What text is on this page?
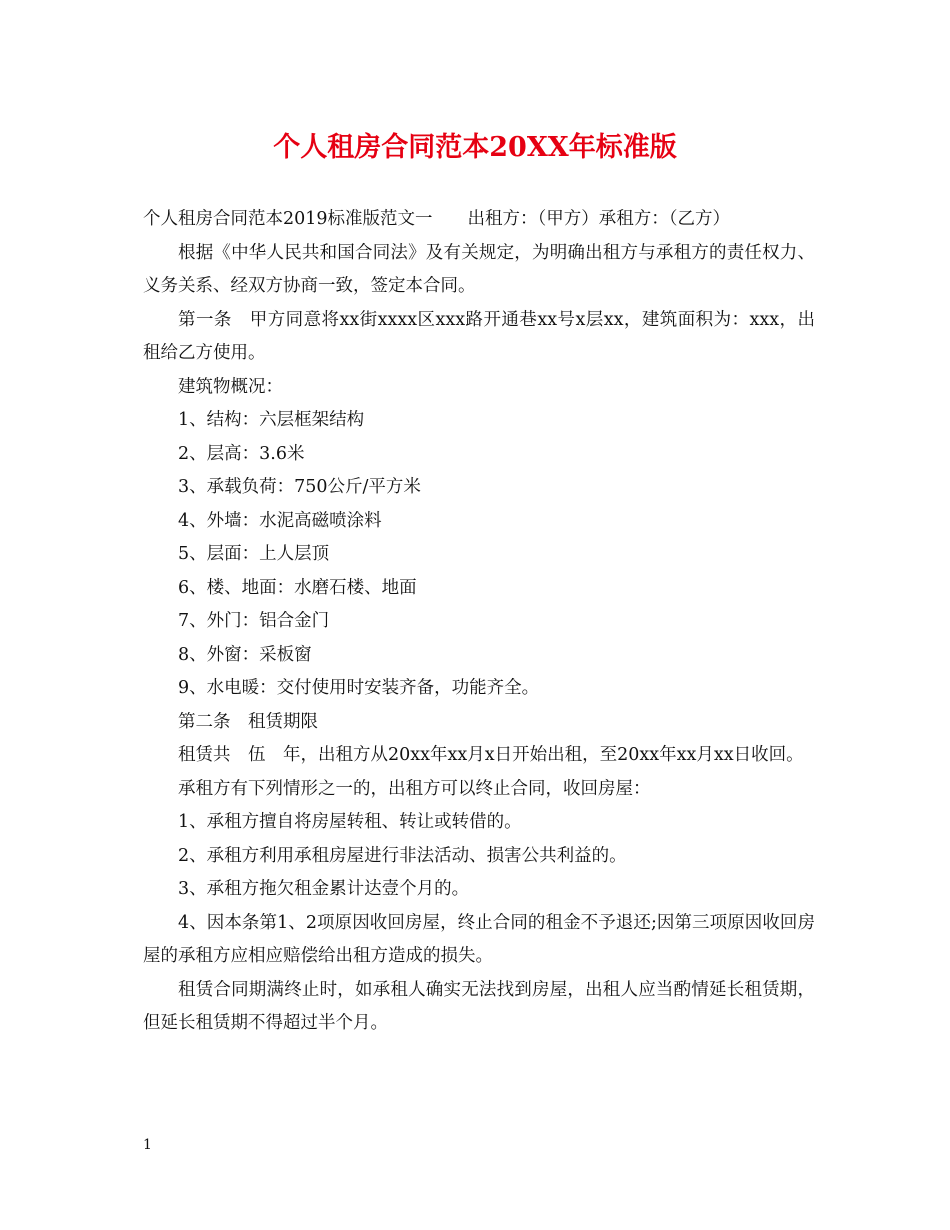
个人租房合同范本20XX年标准版

个人租房合同范本2019标准版范文一　　出租方：（甲方）承租方：（乙方）

根据《中华人民共和国合同法》及有关规定，为明确出租方与承租方的责任权力、义务关系、经双方协商一致，签定本合同。

第一条　甲方同意将xx街xxxx区xxx路开通巷xx号x层xx，建筑面积为：xxx，出租给乙方使用。

建筑物概况：

1、结构：六层框架结构

2、层高：3.6米

3、承载负荷：750公斤/平方米

4、外墙：水泥高磁喷涂料

5、层面：上人层顶

6、楼、地面：水磨石楼、地面

7、外门：铝合金门

8、外窗：采板窗

9、水电暖：交付使用时安装齐备，功能齐全。

第二条　租赁期限

租赁共　伍　年，出租方从20xx年xx月x日开始出租，至20xx年xx月xx日收回。

承租方有下列情形之一的，出租方可以终止合同，收回房屋：

1、承租方擅自将房屋转租、转让或转借的。

2、承租方利用承租房屋进行非法活动、损害公共利益的。

3、承租方拖欠租金累计达壹个月的。

4、因本条第1、2项原因收回房屋，终止合同的租金不予退还;因第三项原因收回房屋的承租方应相应赔偿给出租方造成的损失。

租赁合同期满终止时，如承租人确实无法找到房屋，出租人应当酌情延长租赁期，但延长租赁期不得超过半个月。

1
